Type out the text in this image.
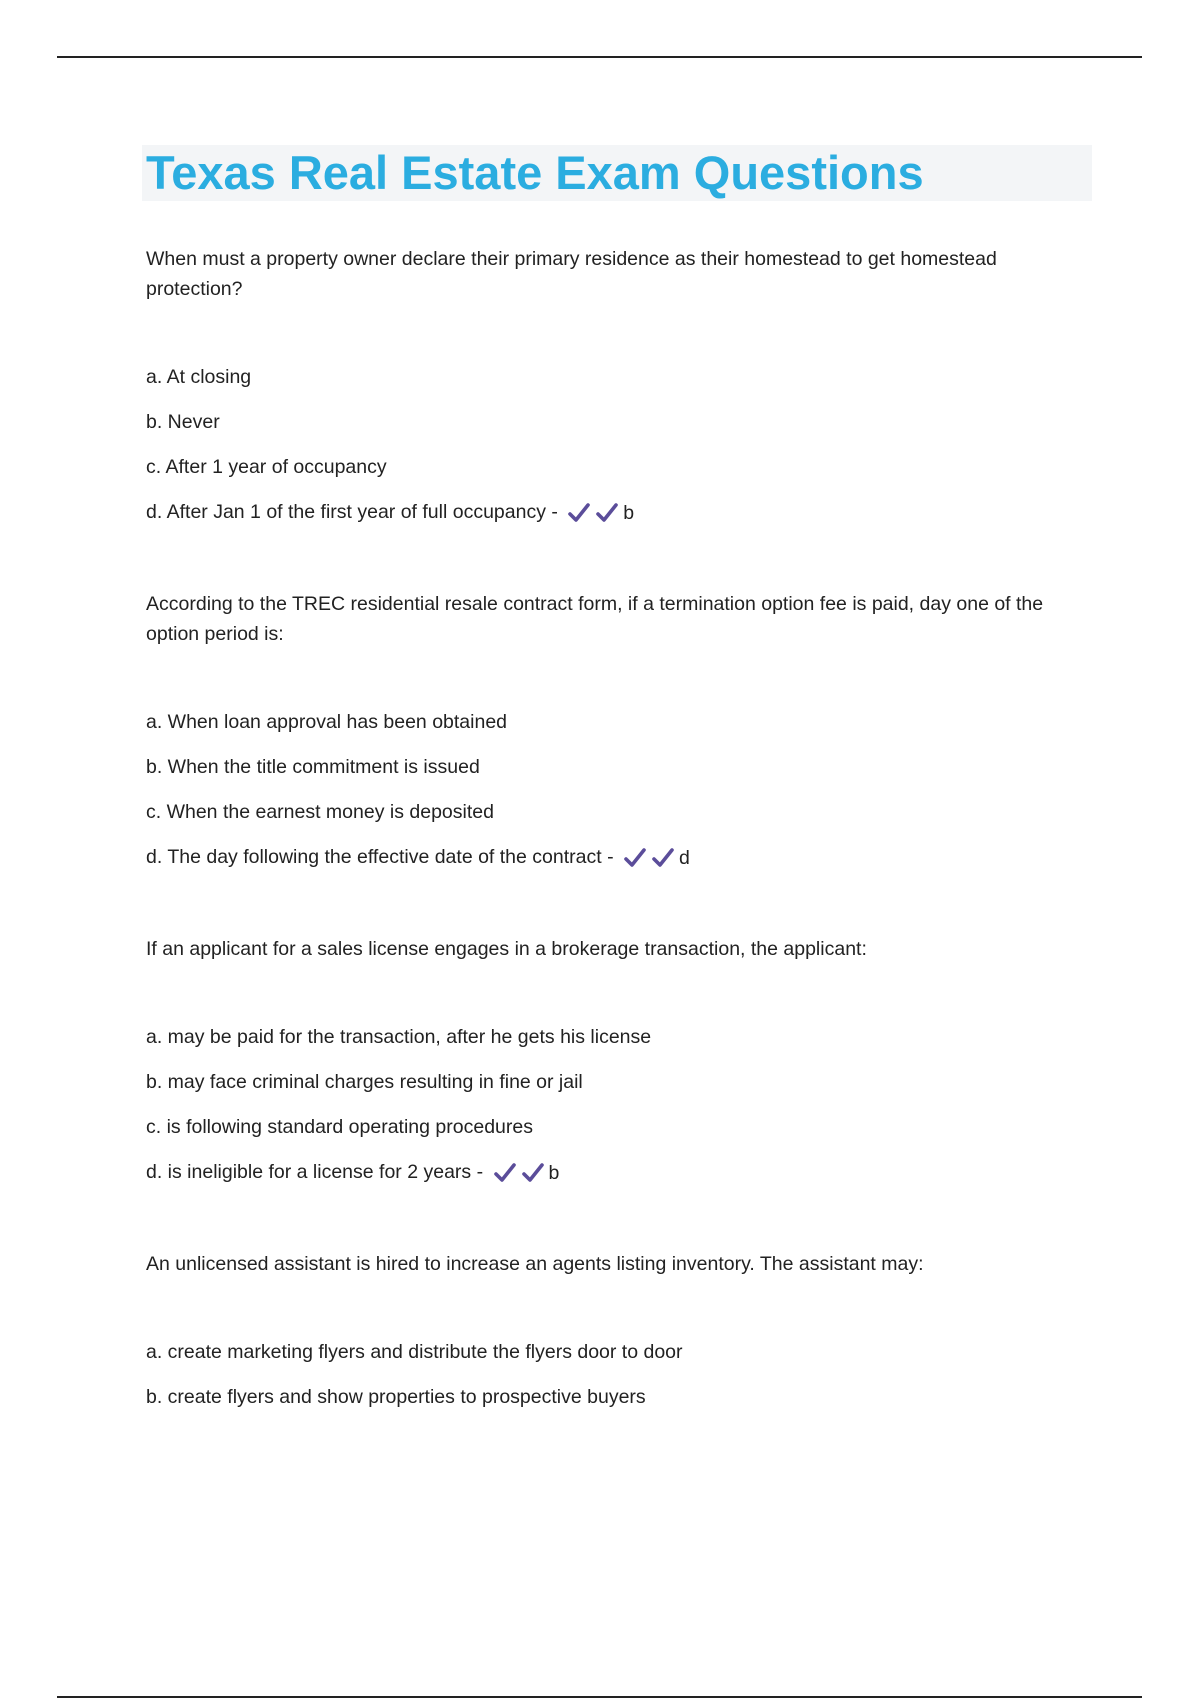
Texas Real Estate Exam Questions

When must a property owner declare their primary residence as their homestead to get homestead protection?

a. At closing
b. Never
c. After 1 year of occupancy
d. After Jan 1 of the first year of full occupancy -	b

According to the TREC residential resale contract form, if a termination option fee is paid, day one of the option period is:

a. When loan approval has been obtained
b. When the title commitment is issued
c. When the earnest money is deposited
d. The day following the effective date of the contract -	d

If an applicant for a sales license engages in a brokerage transaction, the applicant:

a. may be paid for the transaction, after he gets his license
b. may face criminal charges resulting in fine or jail
c. is following standard operating procedures
d. is ineligible for a license for 2 years -	b

An unlicensed assistant is hired to increase an agents listing inventory. The assistant may:

a. create marketing flyers and distribute the flyers door to door
b. create flyers and show properties to prospective buyers
